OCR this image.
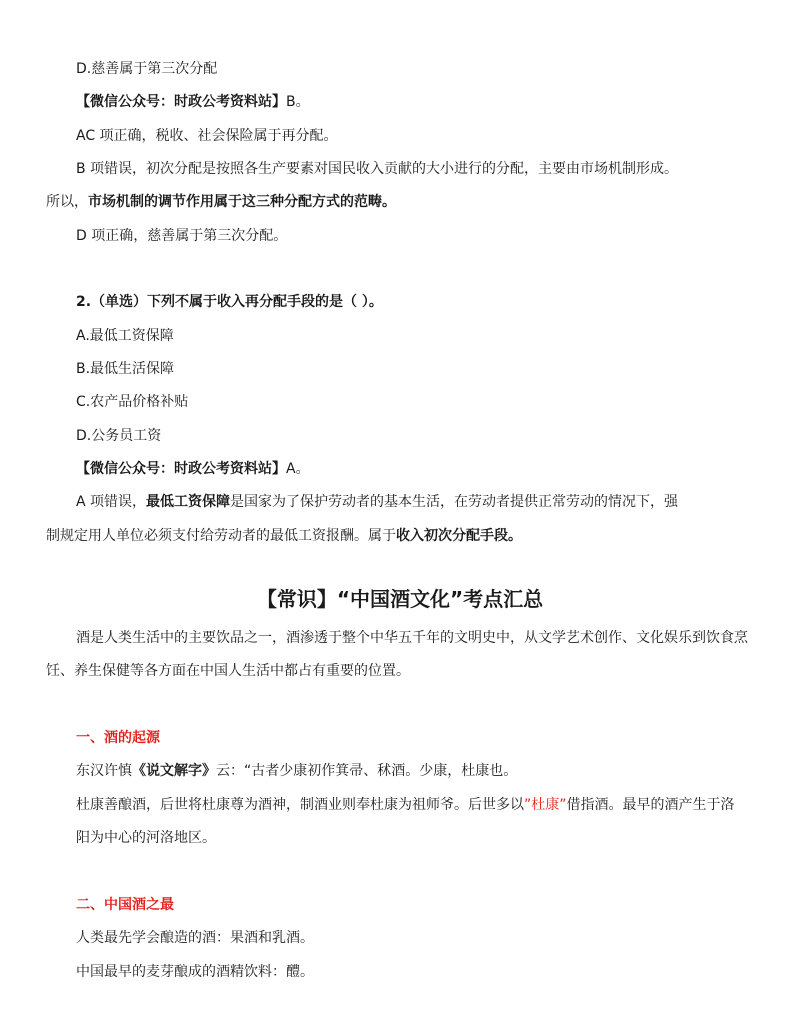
D.慈善属于第三次分配
【微信公众号：时政公考资料站】B。
AC 项正确，税收、社会保险属于再分配。
B 项错误，初次分配是按照各生产要素对国民收入贡献的大小进行的分配，主要由市场机制形成。
所以，市场机制的调节作用属于这三种分配方式的范畴。
D 项正确，慈善属于第三次分配。
2.（单选）下列不属于收入再分配手段的是（ ）。
A.最低工资保障
B.最低生活保障
C.农产品价格补贴
D.公务员工资
【微信公众号：时政公考资料站】A。
A 项错误，最低工资保障是国家为了保护劳动者的基本生活，在劳动者提供正常劳动的情况下，强
制规定用人单位必须支付给劳动者的最低工资报酬。属于收入初次分配手段。
【常识】“中国酒文化”考点汇总
酒是人类生活中的主要饮品之一，酒渗透于整个中华五千年的文明史中，从文学艺术创作、文化娱乐到饮食烹
饪、养生保健等各方面在中国人生活中都占有重要的位置。
一、酒的起源
东汉许慎《说文解字》云：“古者少康初作箕帚、秫酒。少康，杜康也。
杜康善酿酒，后世将杜康尊为酒神，制酒业则奉杜康为祖师爷。后世多以”杜康”借指酒。最早的酒产生于洛
阳为中心的河洛地区。
二、中国酒之最
人类最先学会酿造的酒：果酒和乳酒。
中国最早的麦芽酿成的酒精饮料：醴。
